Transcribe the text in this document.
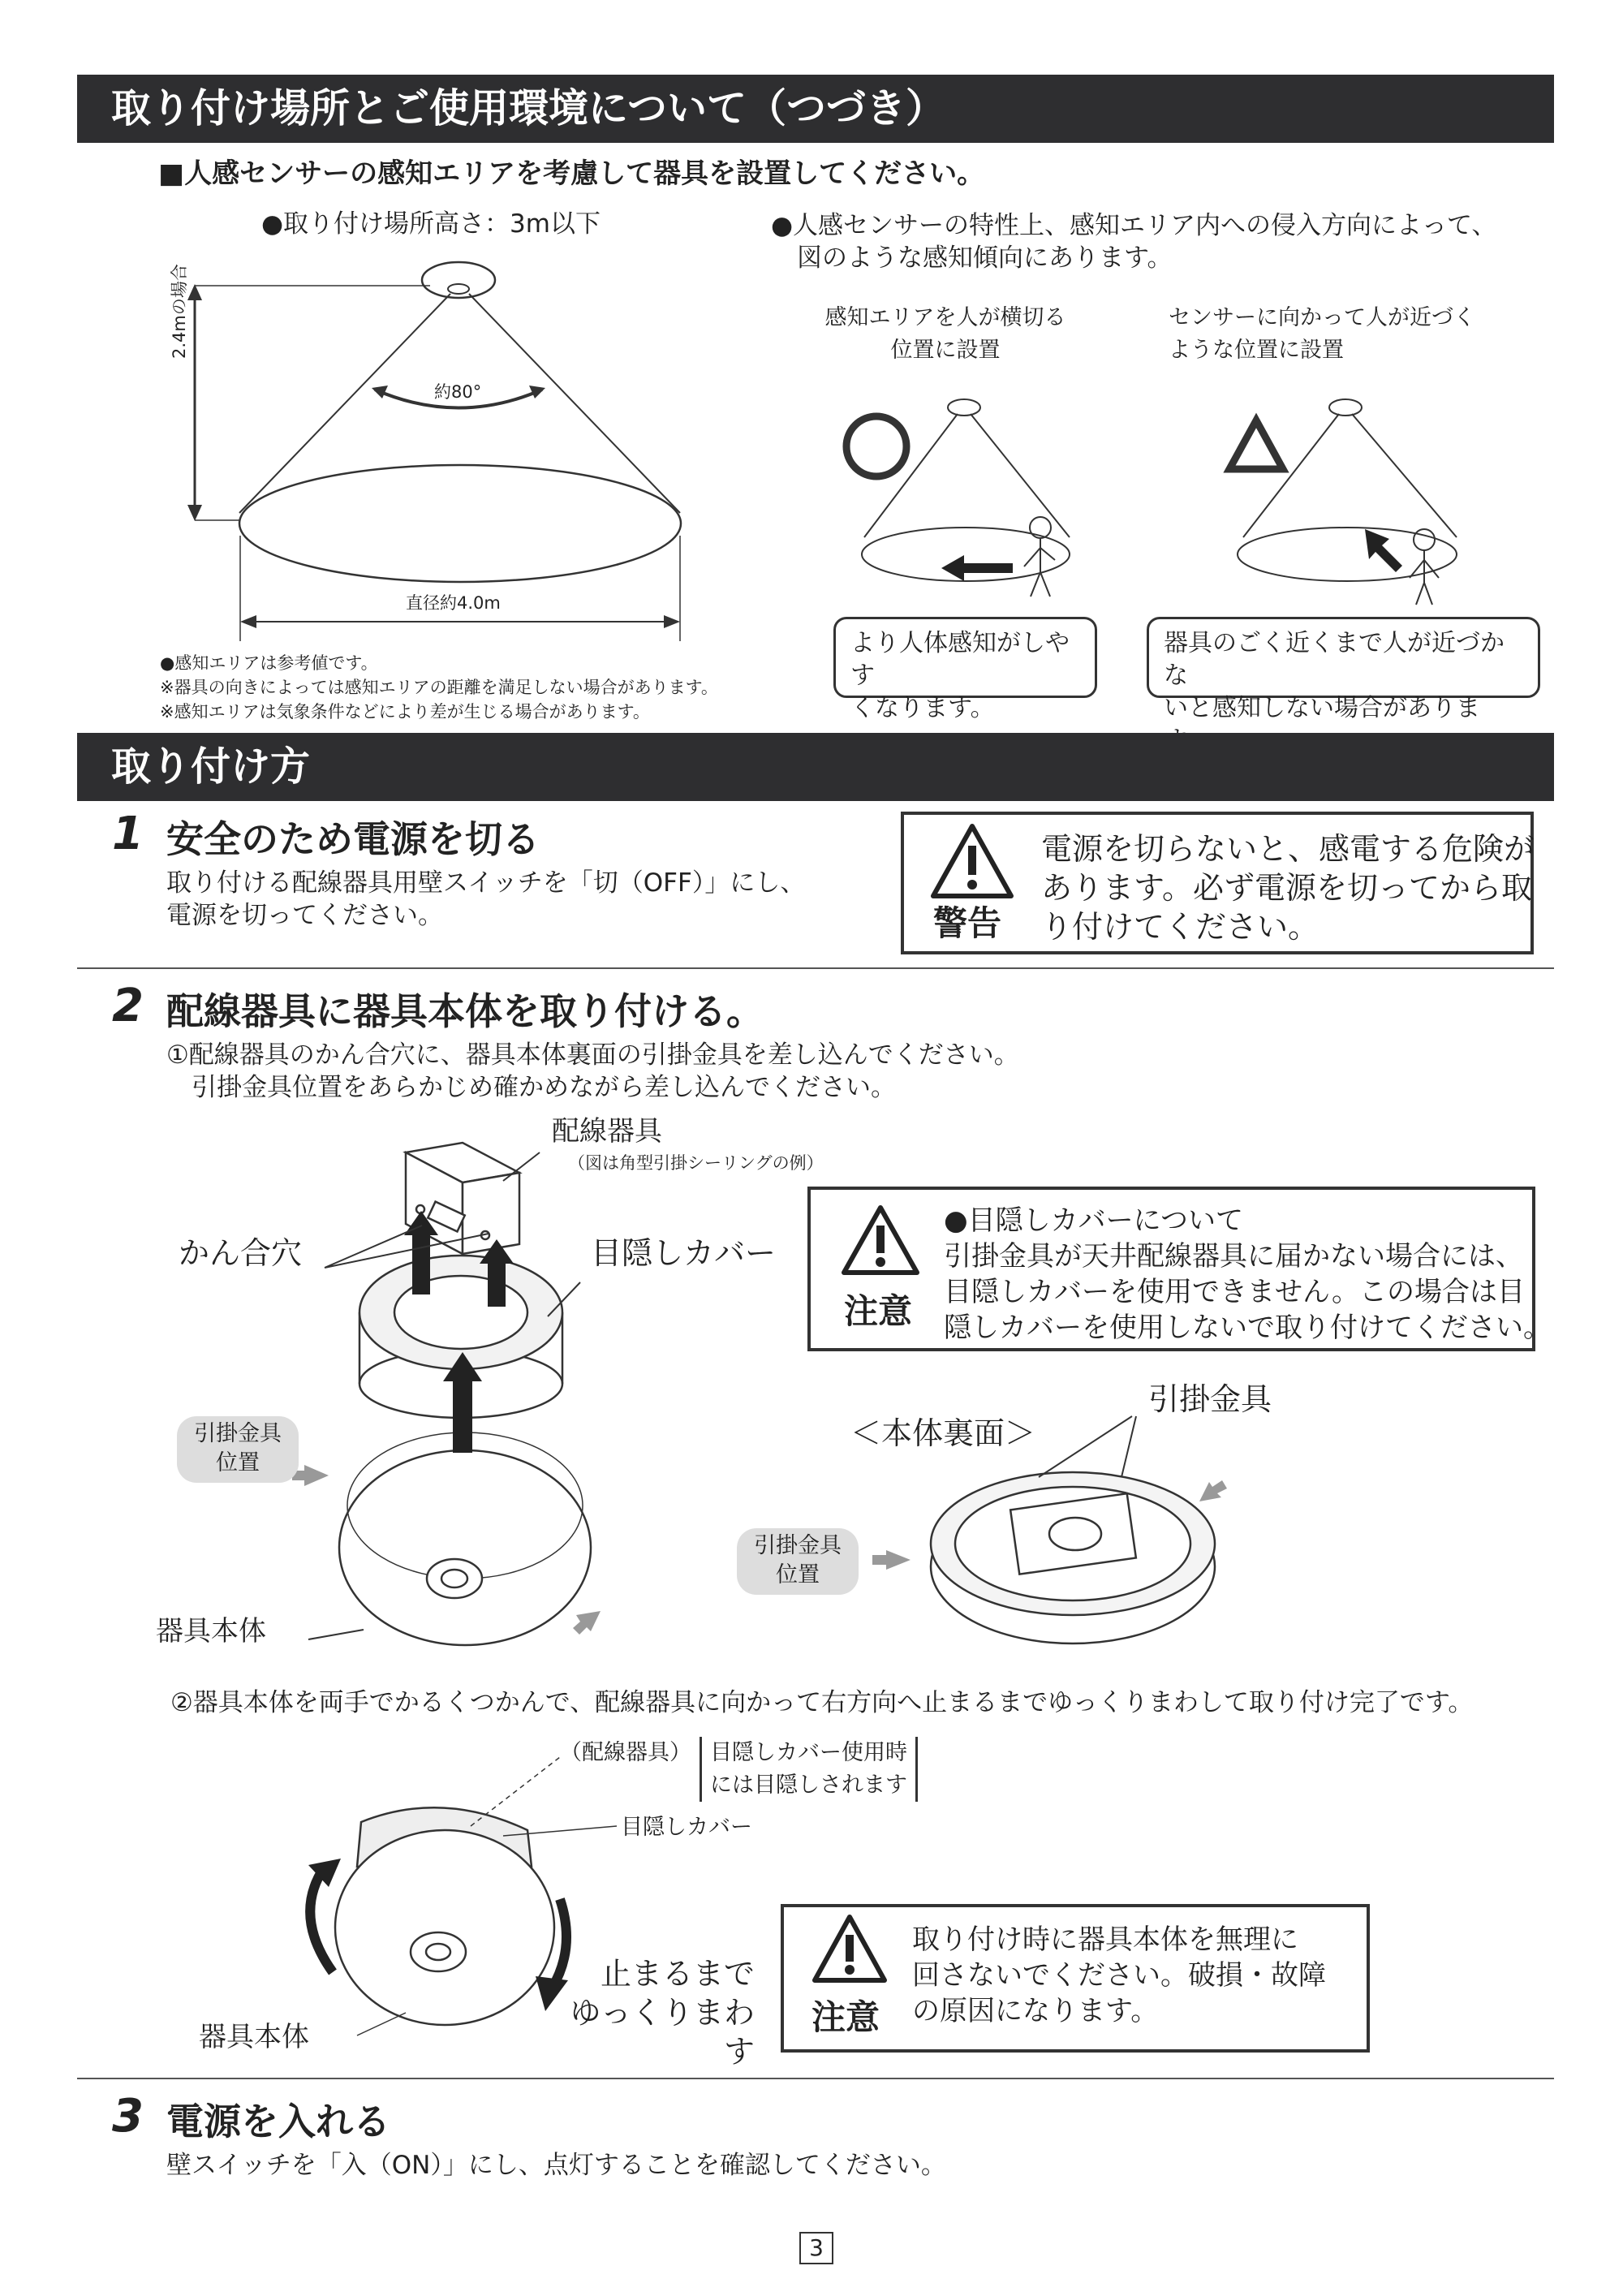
取り付け場所とご使用環境について（つづき）
■人感センサーの感知エリアを考慮して器具を設置してください。
●取り付け場所高さ：3m以下	●人感センサーの特性上、感知エリア内への侵入方向によって、
図のような感知傾向にあります。
2.4mの場合
約80°
直径約4.0m
●感知エリアは参考値です。
※器具の向きによっては感知エリアの距離を満足しない場合があります。
※感知エリアは気象条件などにより差が生じる場合があります。
感知エリアを人が横切る
位置に設置
センサーに向かって人が近づく
ような位置に設置
より人体感知がしやす
くなります。
器具のごく近くまで人が近づかな
いと感知しない場合がありま
取り付け方
1 安全のため電源を切る
取り付ける配線器具用壁スイッチを「切（OFF）」にし、
電源を切ってください。	警告
電源を切らないと、感電する危険が
あります。必ず電源を切ってから取
り付けてください。
2 配線器具に器具本体を取り付ける。
①配線器具のかん合穴に、器具本体裏面の引掛金具を差し込んでください。
　引掛金具位置をあらかじめ確かめながら差し込んでください。
配線器具
（図は角型引掛シーリングの例）
かん合穴	目隠しカバー
引掛金具
位置
器具本体
＜本体裏面＞
引掛金具
引掛金具
位置
注意
●目隠しカバーについて
引掛金具が天井配線器具に届かない場合には、
目隠しカバーを使用できません。この場合は目
隠しカバーを使用しないで取り付けてください。
②器具本体を両手でかるくつかんで、配線器具に向かって右方向へ止まるまでゆっくりまわして取り付け完了です。
（配線器具） 目隠しカバー使用時
には目隠しされます
目隠しカバー
器具本体
止まるまで
ゆっくりまわす
注意
取り付け時に器具本体を無理に
回さないでください。破損・故障
の原因になります。
3 電源を入れる
壁スイッチを「入（ON）」にし、点灯することを確認してください。
3
